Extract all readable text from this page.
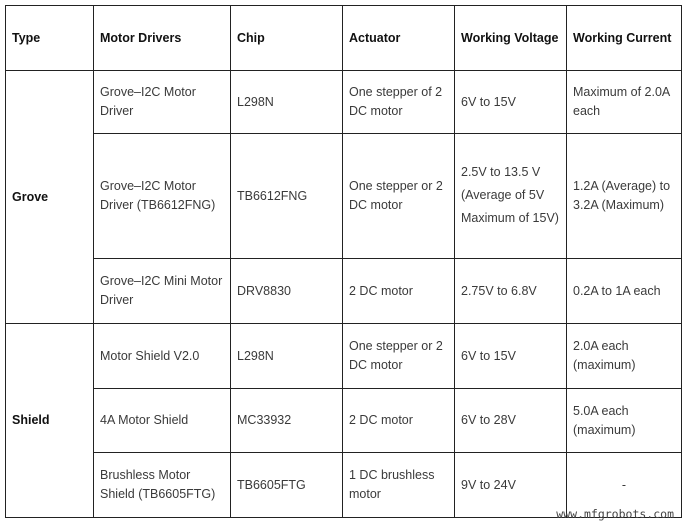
Type	Motor Drivers	Chip	Actuator	Working Voltage	Working Current
Grove	Grove–I2C Motor Driver	L298N	One stepper of 2 DC motor	6V to 15V	Maximum of 2.0A each
	Grove–I2C Motor Driver (TB6612FNG)	TB6612FNG	One stepper or 2 DC motor	2.5V to 13.5 V
(Average of 5V
Maximum of 15V)	1.2A (Average) to 3.2A (Maximum)
	Grove–I2C Mini Motor Driver	DRV8830	2 DC motor	2.75V to 6.8V	0.2A to 1A each
Shield	Motor Shield V2.0	L298N	One stepper or 2 DC motor	6V to 15V	2.0A each (maximum)
	4A Motor Shield	MC33932	2 DC motor	6V to 28V	5.0A each (maximum)
	Brushless Motor Shield (TB6605FTG)	TB6605FTG	1 DC brushless motor	9V to 24V	-
www.mfgrobots.com
